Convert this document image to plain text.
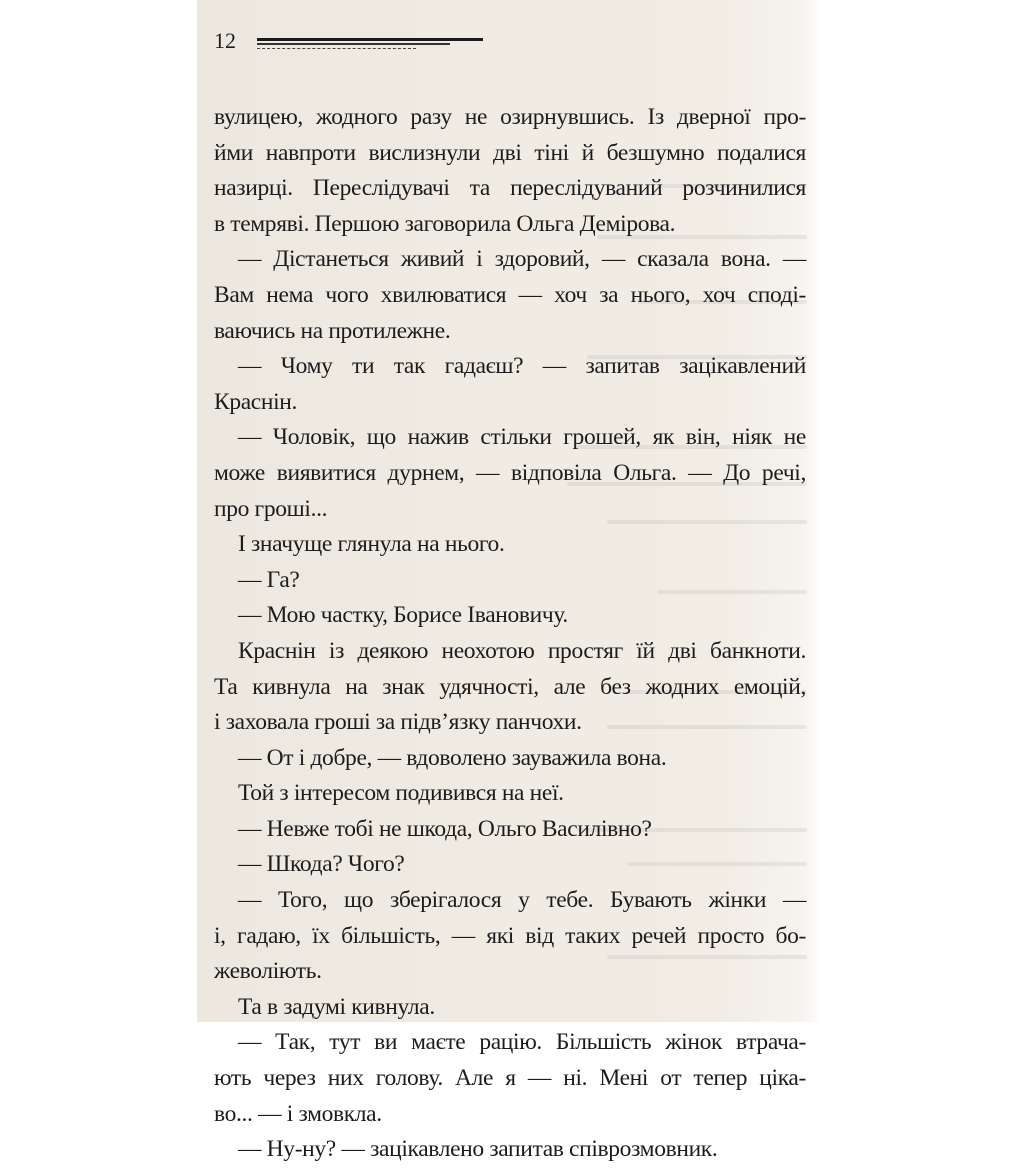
12
вулицею, жодного разу не озирнувшись. Із дверної про-
йми навпроти вислизнули дві тіні й безшумно подалися
назирці. Переслідувачі та переслідуваний розчинилися
в темряві. Першою заговорила Ольга Демірова.
— Дістанеться живий і здоровий, — сказала вона. —
Вам нема чого хвилюватися — хоч за нього, хоч споді-
ваючись на протилежне.
— Чому ти так гадаєш? — запитав зацікавлений
Краснін.
— Чоловік, що нажив стільки грошей, як він, ніяк не
може виявитися дурнем, — відповіла Ольга. — До речі,
про гроші...
І значуще глянула на нього.
— Га?
— Мою частку, Борисе Івановичу.
Краснін із деякою неохотою простяг їй дві банкноти.
Та кивнула на знак удячності, але без жодних емоцій,
і заховала гроші за підв’язку панчохи.
— От і добре, — вдоволено зауважила вона.
Той з інтересом подивився на неї.
— Невже тобі не шкода, Ольго Василівно?
— Шкода? Чого?
— Того, що зберігалося у тебе. Бувають жінки —
і, гадаю, їх більшість, — які від таких речей просто бо-
жеволіють.
Та в задумі кивнула.
— Так, тут ви маєте рацію. Більшість жінок втрача-
ють через них голову. Але я — ні. Мені от тепер ціка-
во... — і змовкла.
— Ну-ну? — зацікавлено запитав співрозмовник.
